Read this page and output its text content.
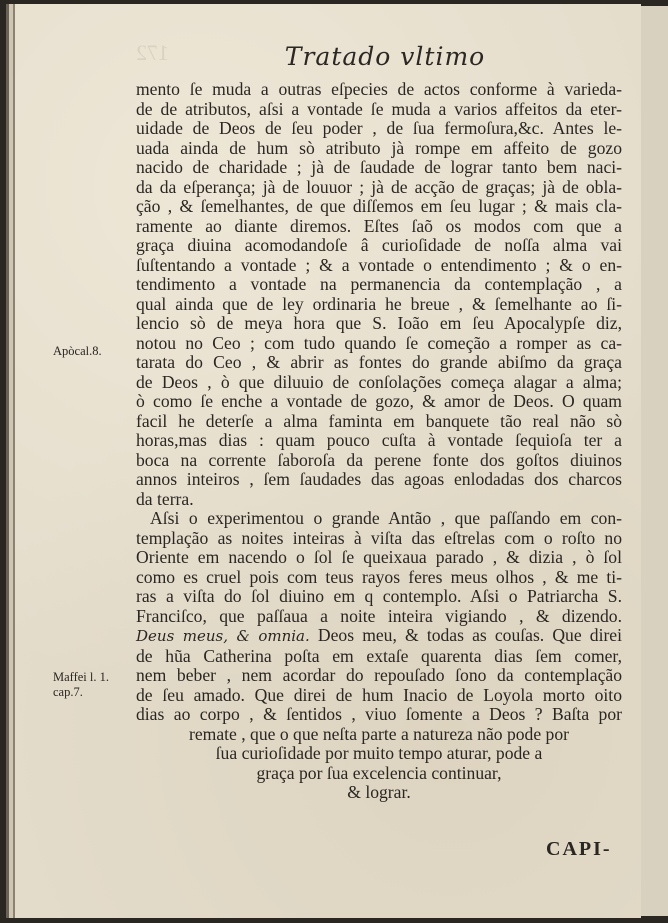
Tratado vltimo
Apòcal.8.
Maffei l. 1.
cap.7.
mento ſe muda a outras eſpecies de actos conforme à varieda-
de de atributos, aſsi a vontade ſe muda a varios affeitos da eter-
uidade de Deos de ſeu poder , de ſua fermoſura,&c. Antes le-
uada ainda de hum sò atributo jà rompe em affeito de gozo
nacido de charidade ; jà de ſaudade de lograr tanto bem naci-
da da eſperança; jà de louuor ; jà de acção de graças; jà de obla-
ção , & ſemelhantes, de que diſſemos em ſeu lugar ; & mais cla-
ramente ao diante diremos. Eſtes ſaõ os modos com que a
graça diuina acomodandoſe â curioſidade de noſſa alma vai
ſuſtentando a vontade ; & a vontade o entendimento ; & o en-
tendimento a vontade na permanencia da contemplação , a
qual ainda que de ley ordinaria he breue , & ſemelhante ao ſi-
lencio sò de meya hora que S. Ioão em ſeu Apocalypſe diz,
notou no Ceo ; com tudo quando ſe começão a romper as ca-
tarata do Ceo , & abrir as fontes do grande abiſmo da graça
de Deos , ò que diluuio de conſolações começa alagar a alma;
ò como ſe enche a vontade de gozo, & amor de Deos. O quam
facil he deterſe a alma faminta em banquete tão real não sò
horas,mas dias : quam pouco cuſta à vontade ſequioſa ter a
boca na corrente ſaboroſa da perene fonte dos goſtos diuinos
annos inteiros , ſem ſaudades das agoas enlodadas dos charcos
da terra.
Aſsi o experimentou o grande Antão , que paſſando em con-
templação as noites inteiras à viſta das eſtrelas com o roſto no
Oriente em nacendo o ſol ſe queixaua parado , & dizia , ò ſol
como es cruel pois com teus rayos feres meus olhos , & me ti-
ras a viſta do ſol diuino em q contemplo. Aſsi o Patriarcha S.
Franciſco, que paſſaua a noite inteira vigiando , & dizendo.
Deus meus, & omnia. Deos meu, & todas as couſas. Que direi
de hũa Catherina poſta em extaſe quarenta dias ſem comer,
nem beber , nem acordar do repouſado ſono da contemplação
de ſeu amado. Que direi de hum Inacio de Loyola morto oito
dias ao corpo , & ſentidos , viuo ſomente a Deos ? Baſta por
remate , que o que neſta parte a natureza não pode por
ſua curioſidade por muito tempo aturar, pode a
graça por ſua excelencia continuar,
& lograr.
CAPI-
172
